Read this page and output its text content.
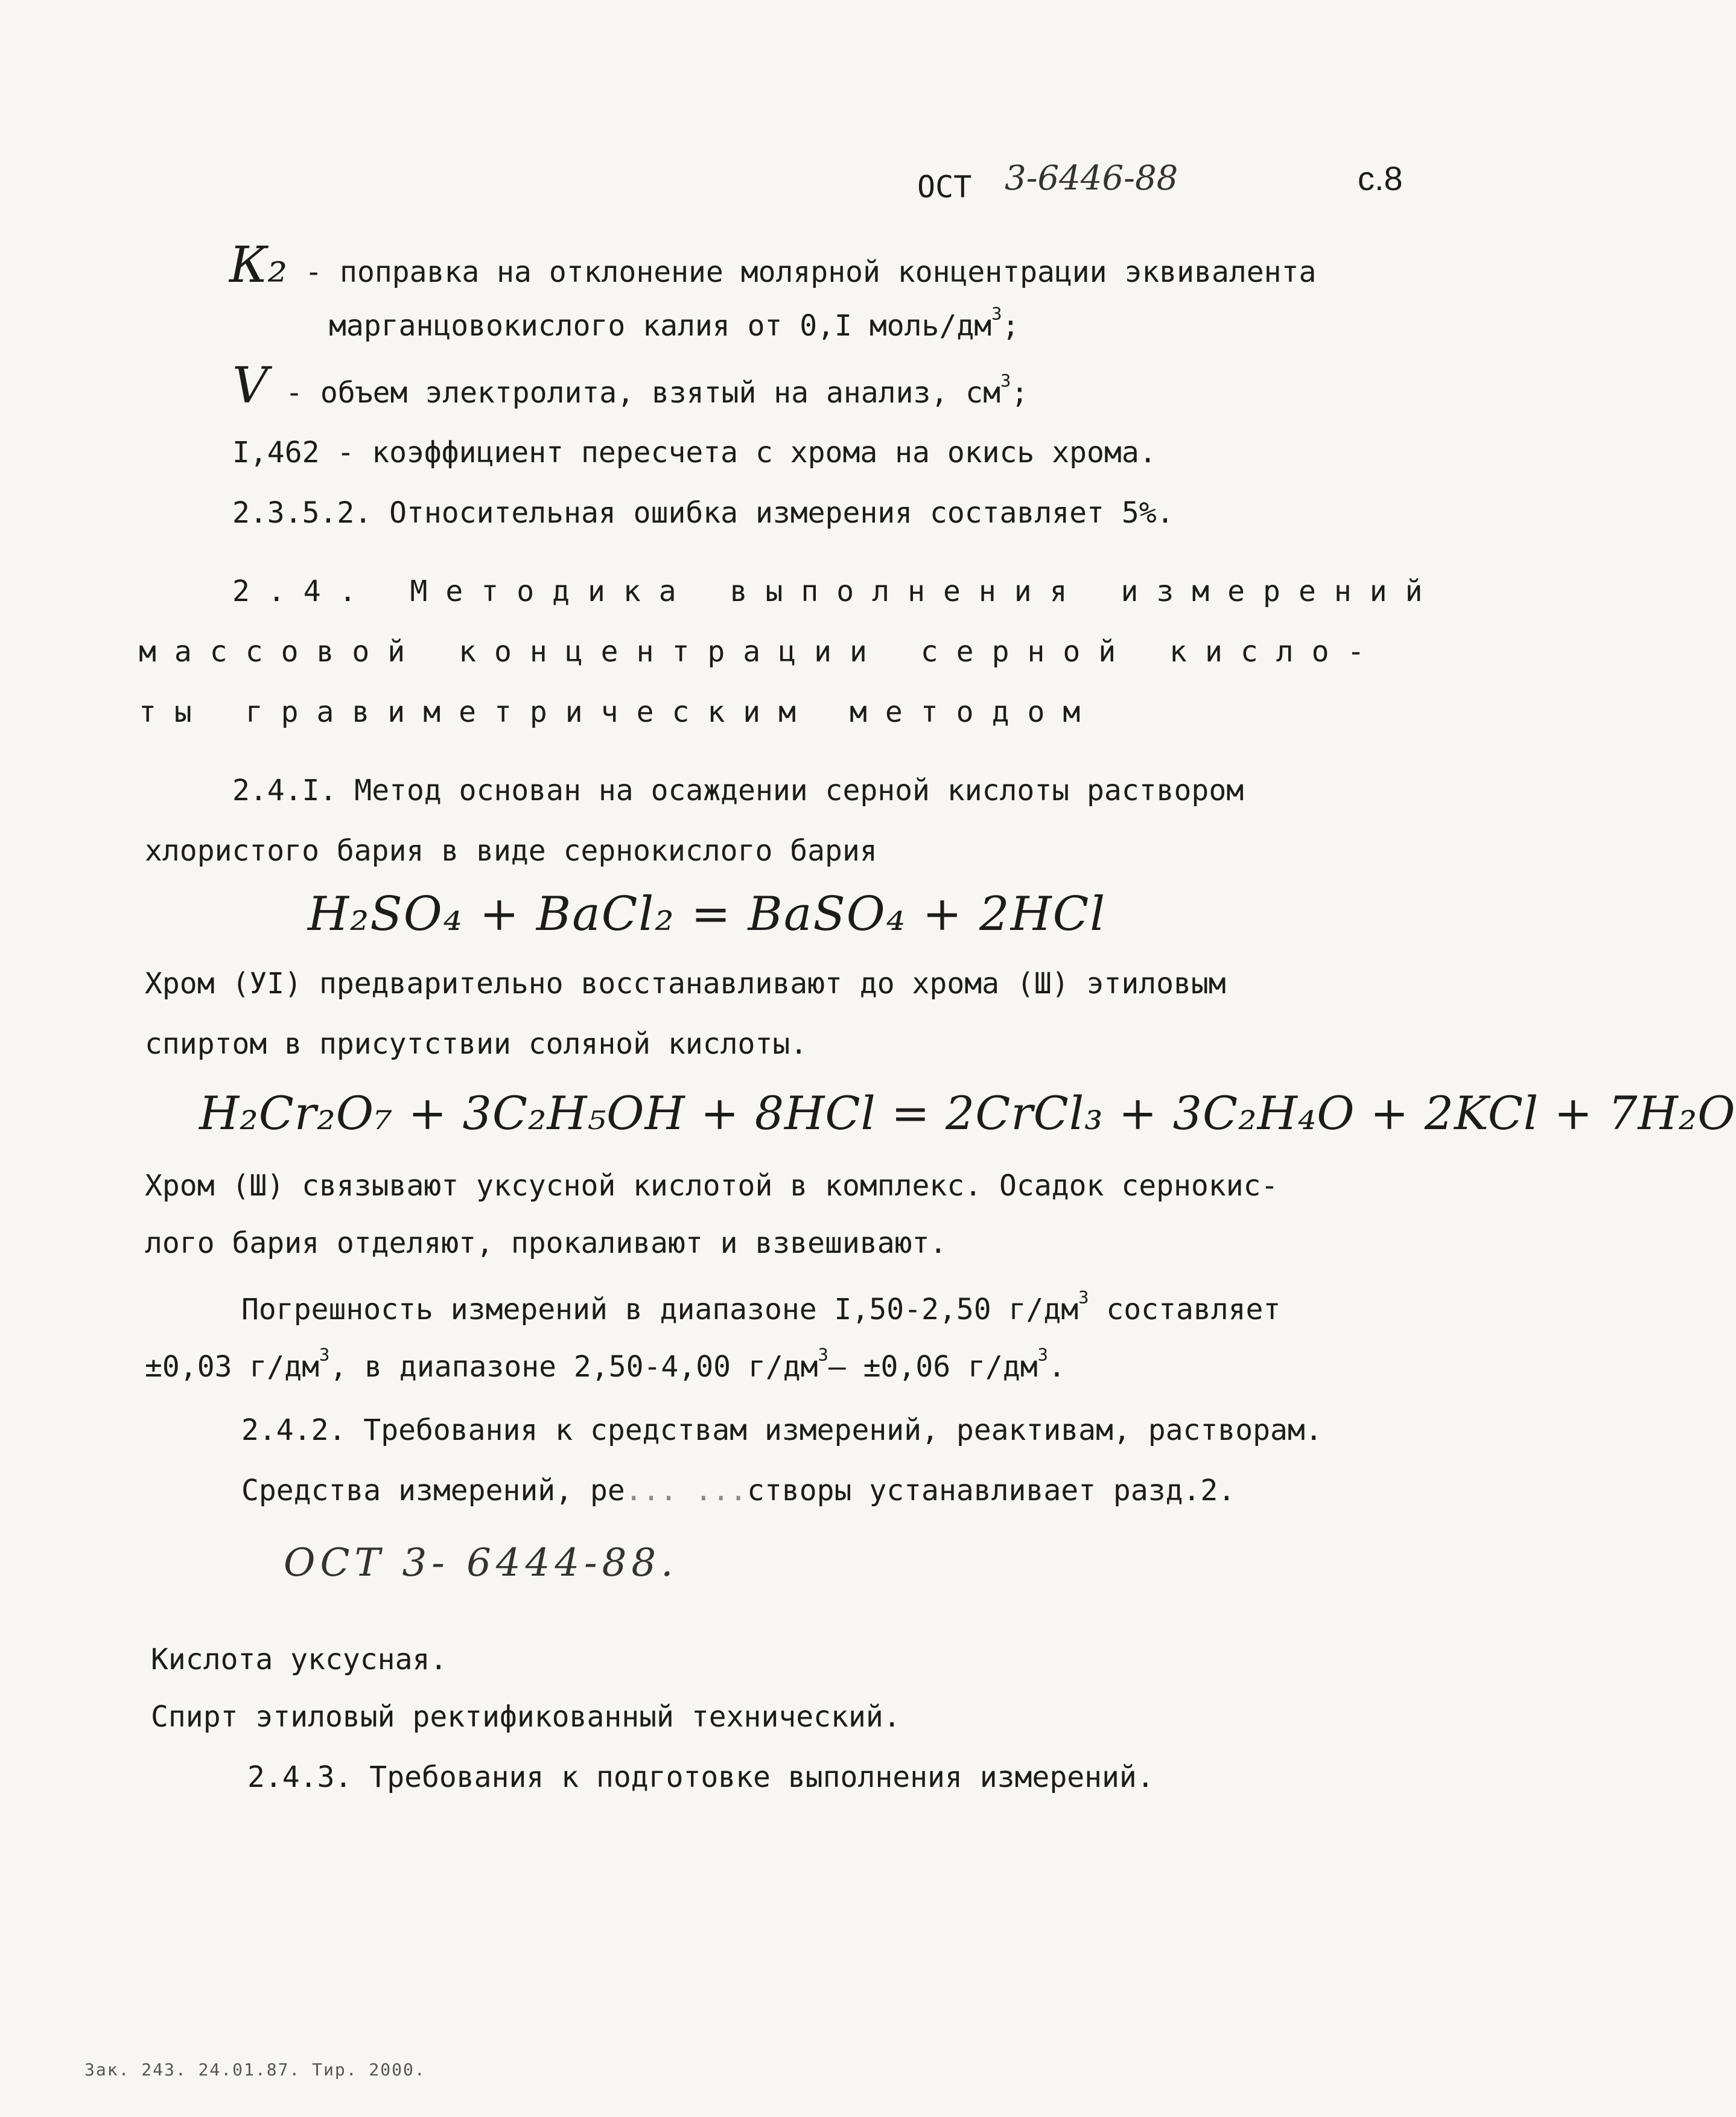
ОСТ 3-6446-88	с.8
К₂ - поправка на отклонение молярной концентрации эквивалента
марганцовокислого калия от 0,I моль/$дм^3$;
V - объем электролита, взятый на анализ, $см^3$;
I,462 - коэффициент пересчета с хрома на окись хрома.
2.3.5.2. Относительная ошибка измерения составляет 5%.
2.4. Методика выполнения измерений
массовой концентрации серной кисло-
ты гравиметрическим методом
2.4.I. Метод основан на осаждении серной кислоты раствором
хлористого бария в виде сернокислого бария
H₂SO₄ + BaCl₂ = BaSO₄ + 2HCl
Хром (УI) предварительно восстанавливают до хрома (Ш) этиловым
спиртом в присутствии соляной кислоты.
H₂Cr₂O₇ + 3C₂H₅OH + 8HCl = 2CrCl₃ + 3C₂H₄O + 2KCl + 7H₂O
Хром (Ш) связывают уксусной кислотой в комплекс. Осадок сернокис-
лого бария отделяют, прокаливают и взвешивают.
Погрешность измерений в диапазоне I,50-2,50 $г/дм^3$ составляет
±0,03 $г/дм^3$, в диапазоне 2,50-4,00 $г/дм^3— \pm 0,06$ $г/дм^3$.
2.4.2. Требования к средствам измерений, реактивам, растворам.
Средства измерений, ре... ...створы устанавливает разд.2.
ОСТ 3- 6444-88.
Кислота уксусная.
Спирт этиловый ректификованный технический.
2.4.3. Требования к подготовке выполнения измерений.
Зак. 243. 24.01.87. Тир. 2000.
